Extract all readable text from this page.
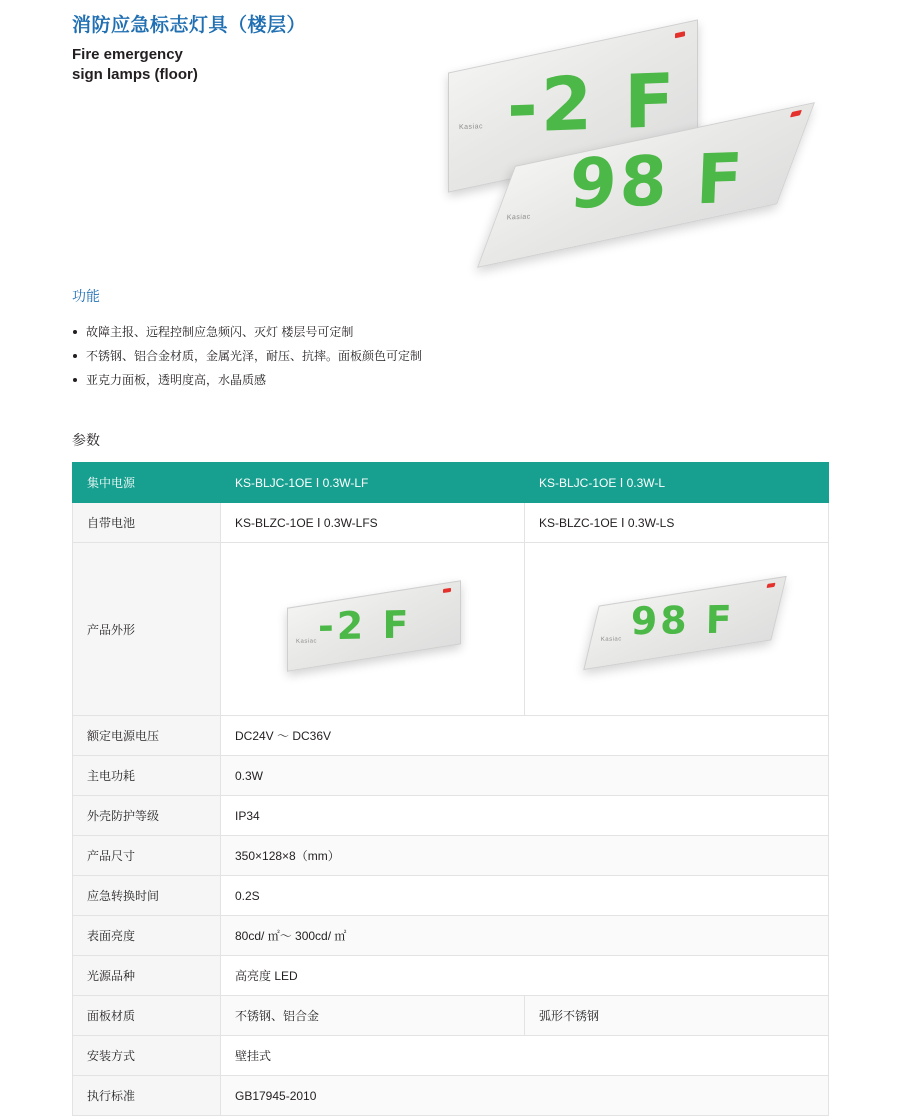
消防应急标志灯具（楼层）
Fire emergency
sign lamps (floor)
Kasiac -2 F
Kasiac 98 F
功能
故障主报、远程控制应急频闪、灭灯 楼层号可定制
不锈钢、铝合金材质，金属光泽，耐压、抗摔。面板颜色可定制
亚克力面板，透明度高，水晶质感
参数
集中电源	KS-BLJC-1OE Ⅰ 0.3W-LF	KS-BLJC-1OE Ⅰ 0.3W-L
自带电池	KS-BLZC-1OE Ⅰ 0.3W-LFS	KS-BLZC-1OE Ⅰ 0.3W-LS
产品外形	Kasiac -2 F	Kasiac 98 F

额定电源电压	DC24V ～ DC36V	
主电功耗	0.3W	
外壳防护等级	IP34	
产品尺寸	350×128×8（mm）	
应急转换时间	0.2S	
表面亮度	80cd/ ㎡～ 300cd/ ㎡	
光源品种	高亮度 LED	
面板材质	不锈钢、铝合金	弧形不锈钢
安装方式	壁挂式	
执行标准	GB17945-2010	
